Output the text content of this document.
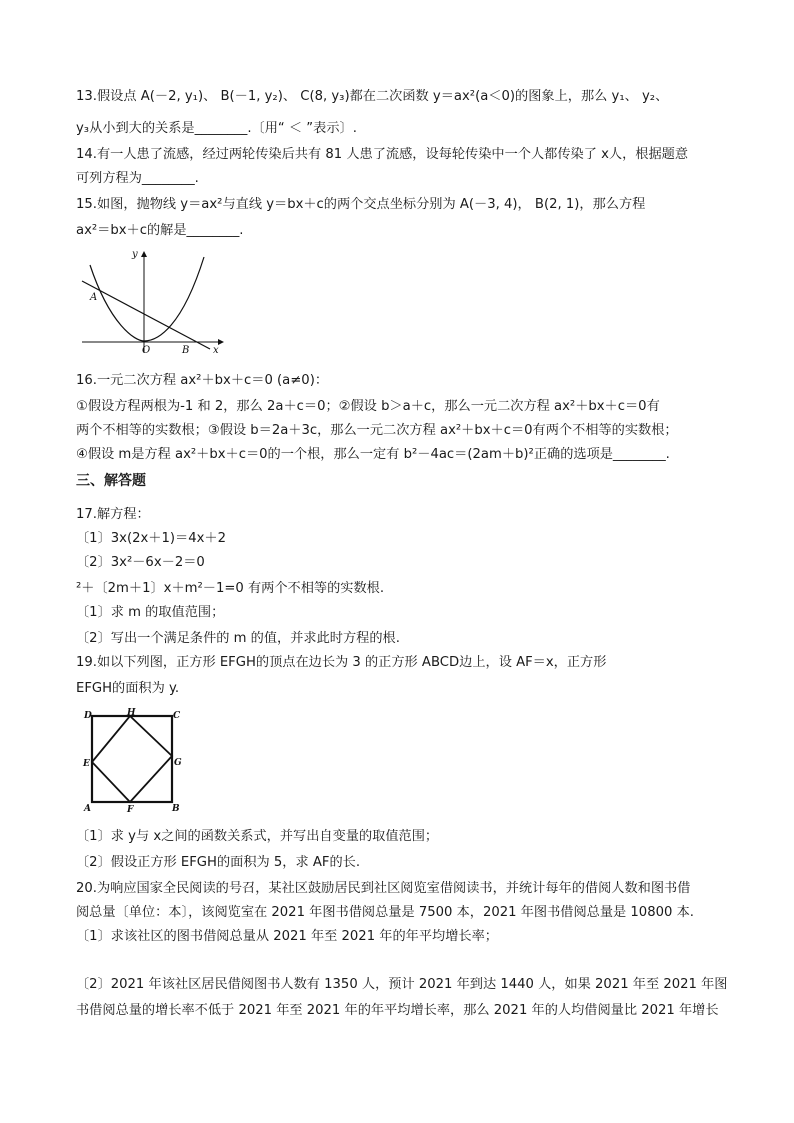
13.假设点 A(－2, y₁)、 B(－1, y₂)、 C(8, y₃)都在二次函数 y＝ax²(a＜0)的图象上，那么 y₁、 y₂、
y₃从小到大的关系是________.〔用“ ＜ ”表示〕.
14.有一人患了流感，经过两轮传染后共有 81 人患了流感，设每轮传染中一个人都传染了 x人，根据题意
可列方程为________.
15.如图，抛物线 y＝ax²与直线 y＝bx＋c的两个交点坐标分别为 A(－3, 4)， B(2, 1)，那么方程
ax²＝bx＋c的解是________.
y
x
O
A
B
16.一元二次方程 ax²＋bx＋c＝0 (a≠0)：
①假设方程两根为-1 和 2，那么 2a＋c＝0；②假设 b＞a＋c，那么一元二次方程 ax²＋bx＋c＝0有
两个不相等的实数根；③假设 b＝2a＋3c，那么一元二次方程 ax²＋bx＋c＝0有两个不相等的实数根；
④假设 m是方程 ax²＋bx＋c＝0的一个根，那么一定有 b²－4ac＝(2am＋b)²正确的选项是________.
三、解答题
17.解方程：
〔1〕3x(2x＋1)＝4x＋2
〔2〕3x²－6x－2＝0
²＋〔2m＋1〕x＋m²－1=0 有两个不相等的实数根.
〔1〕求 m 的取值范围；
〔2〕写出一个满足条件的 m 的值，并求此时方程的根.
19.如以下列图，正方形 EFGH的顶点在边长为 3 的正方形 ABCD边上，设 AF＝x，正方形
EFGH的面积为 y.
D	H	C
E	G
A	F	B
〔1〕求 y与 x之间的函数关系式，并写出自变量的取值范围；
〔2〕假设正方形 EFGH的面积为 5，求 AF的长.
20.为响应国家全民阅读的号召，某社区鼓励居民到社区阅览室借阅读书，并统计每年的借阅人数和图书借
阅总量〔单位：本〕，该阅览室在 2021 年图书借阅总量是 7500 本，2021 年图书借阅总量是 10800 本.
〔1〕求该社区的图书借阅总量从 2021 年至 2021 年的年平均增长率；
〔2〕2021 年该社区居民借阅图书人数有 1350 人，预计 2021 年到达 1440 人，如果 2021 年至 2021 年图
书借阅总量的增长率不低于 2021 年至 2021 年的年平均增长率，那么 2021 年的人均借阅量比 2021 年增长
